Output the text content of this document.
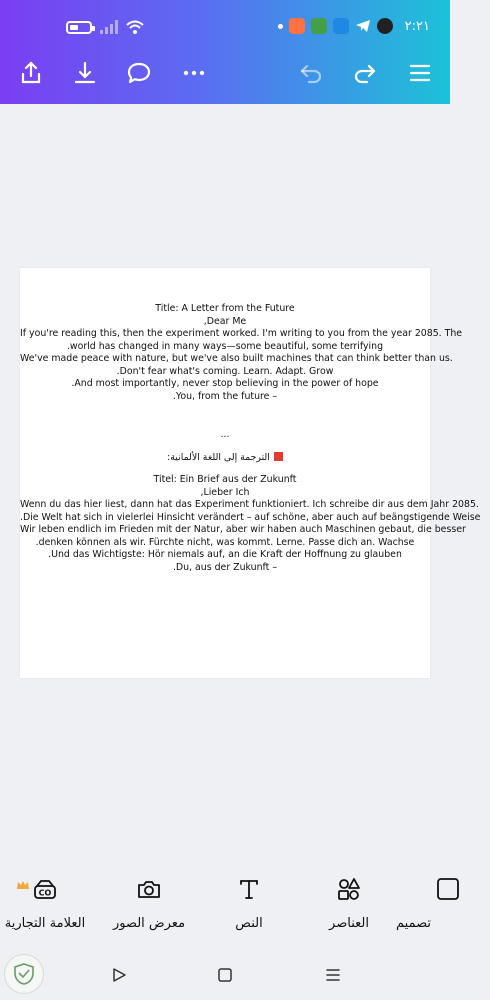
٢:٢١
Title: A Letter from the Future
,Dear Me
If you're reading this, then the experiment worked. I'm writing to you from the year 2085. The
.world has changed in many ways—some beautiful, some terrifying
We've made peace with nature, but we've also built machines that can think better than us.
.Don't fear what's coming. Learn. Adapt. Grow
.And most importantly, never stop believing in the power of hope
.You, from the future –
...
الترجمة إلى اللغة الألمانية:
Titel: Ein Brief aus der Zukunft
,Lieber Ich
Wenn du das hier liest, dann hat das Experiment funktioniert. Ich schreibe dir aus dem Jahr 2085.
.Die Welt hat sich in vielerlei Hinsicht verändert – auf schöne, aber auch auf beängstigende Weise
Wir leben endlich im Frieden mit der Natur, aber wir haben auch Maschinen gebaut, die besser
.denken können als wir. Fürchte nicht, was kommt. Lerne. Passe dich an. Wachse
.Und das Wichtigste: Hör niemals auf, an die Kraft der Hoffnung zu glauben
.Du, aus der Zukunft –
CO
العلامة التجارية	معرض الصور	النص	العناصر	تصميم
